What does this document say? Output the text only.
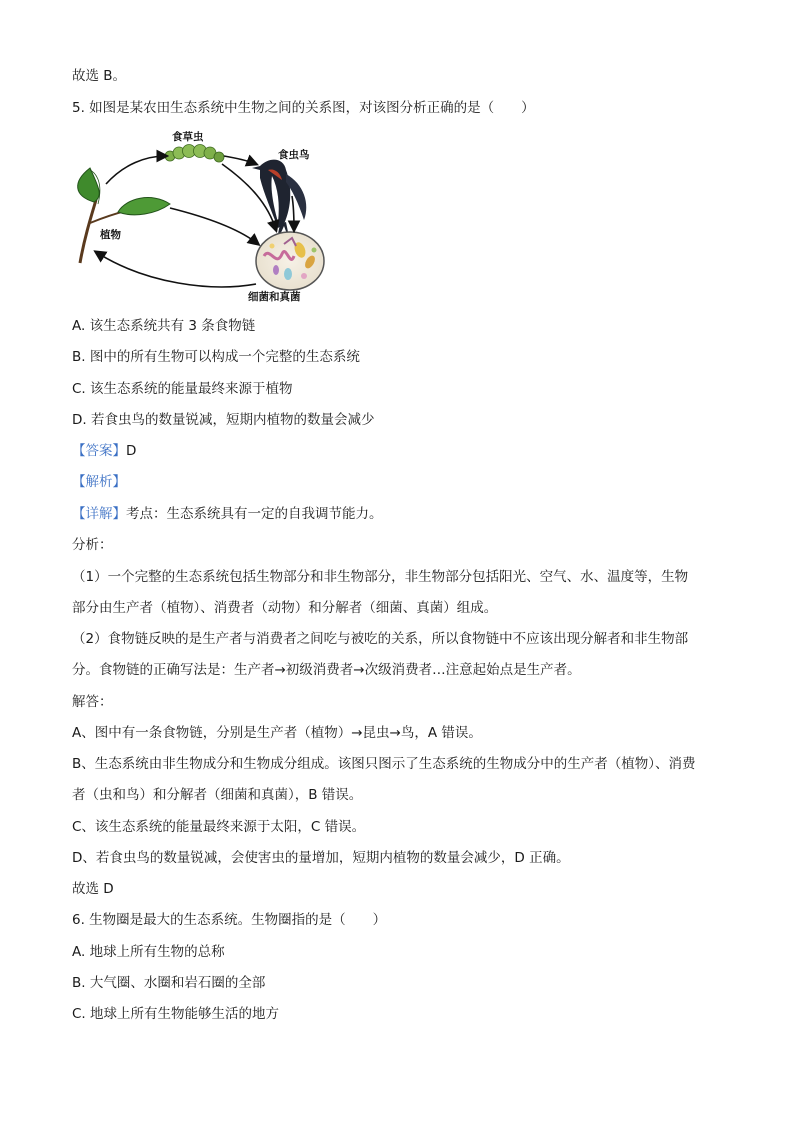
故选 B。
5. 如图是某农田生态系统中生物之间的关系图，对该图分析正确的是（　　）
食草虫
食虫鸟
植物
细菌和真菌
A. 该生态系统共有 3 条食物链
B. 图中的所有生物可以构成一个完整的生态系统
C. 该生态系统的能量最终来源于植物
D. 若食虫鸟的数量锐减，短期内植物的数量会减少
【答案】D
【解析】
【详解】考点：生态系统具有一定的自我调节能力。
分析：
（1）一个完整的生态系统包括生物部分和非生物部分，非生物部分包括阳光、空气、水、温度等，生物
部分由生产者（植物）、消费者（动物）和分解者（细菌、真菌）组成。
（2）食物链反映的是生产者与消费者之间吃与被吃的关系，所以食物链中不应该出现分解者和非生物部
分。食物链的正确写法是：生产者→初级消费者→次级消费者…注意起始点是生产者。
解答：
A、图中有一条食物链，分别是生产者（植物）→昆虫→鸟，A 错误。
B、生态系统由非生物成分和生物成分组成。该图只图示了生态系统的生物成分中的生产者（植物）、消费
者（虫和鸟）和分解者（细菌和真菌），B 错误。
C、该生态系统的能量最终来源于太阳，C 错误。
D、若食虫鸟的数量锐减，会使害虫的量增加，短期内植物的数量会减少，D 正确。
故选 D
6. 生物圈是最大的生态系统。生物圈指的是（　　）
A. 地球上所有生物的总称
B. 大气圈、水圈和岩石圈的全部
C. 地球上所有生物能够生活的地方
